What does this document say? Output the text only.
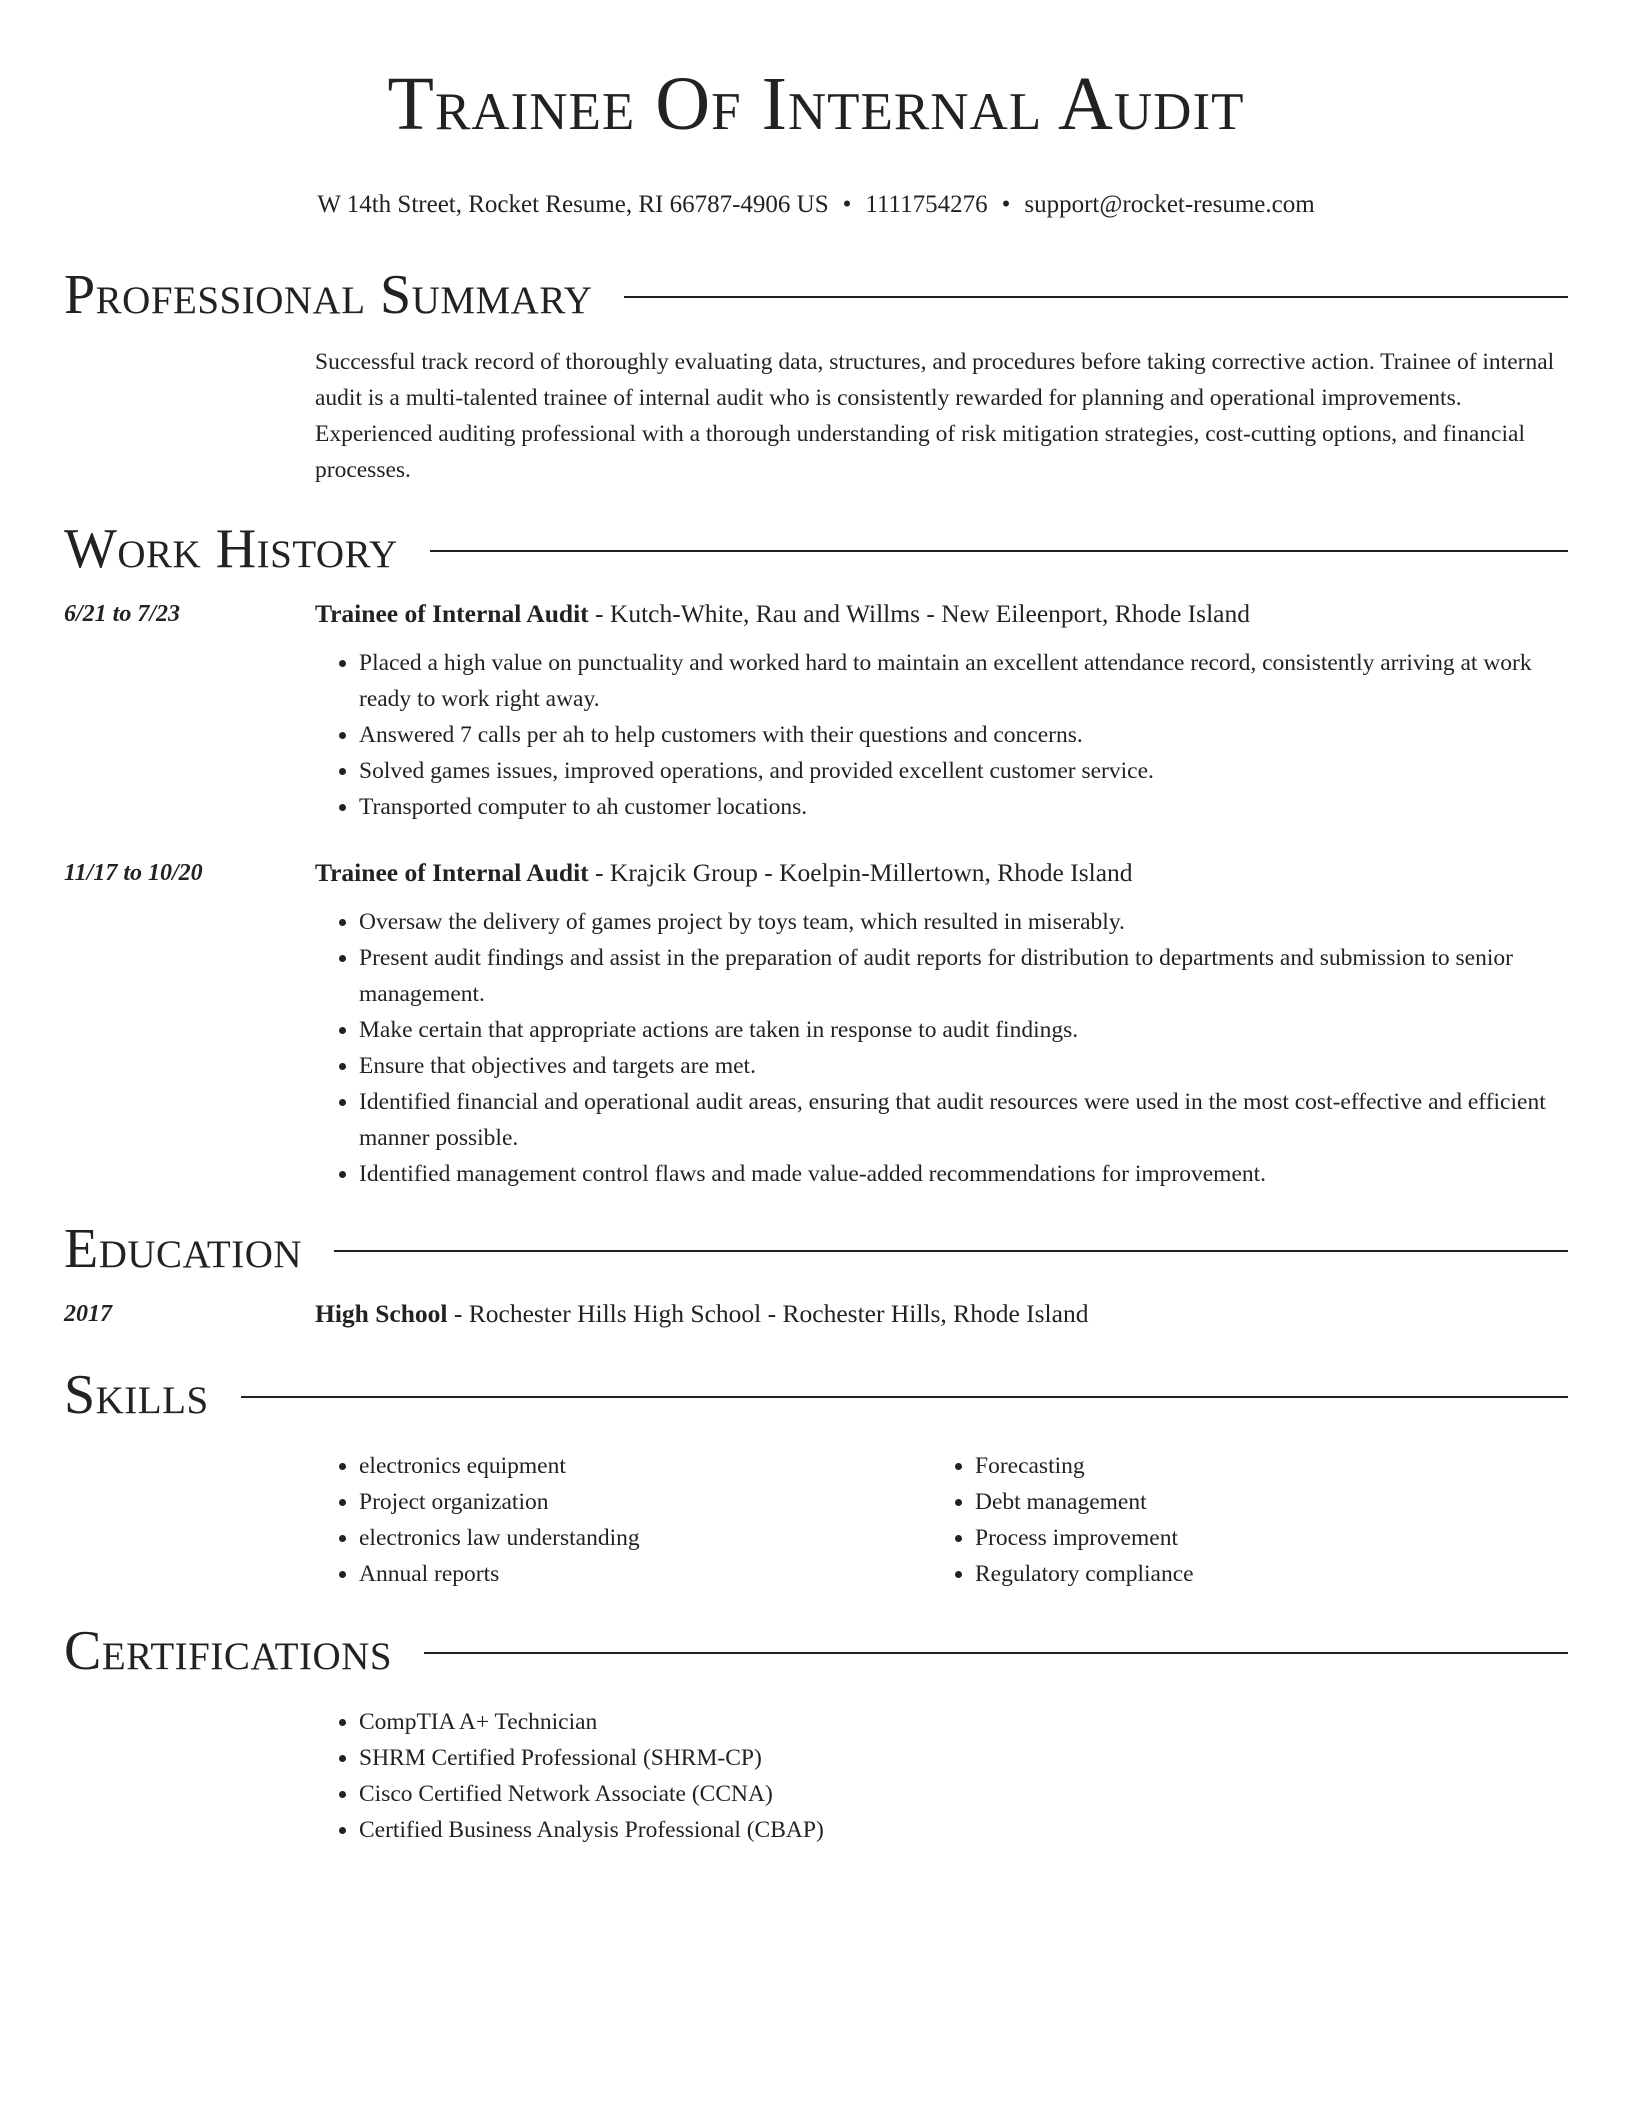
Trainee Of Internal Audit
W 14th Street, Rocket Resume, RI 66787-4906 US • 1111754276 • support@rocket-resume.com
Professional Summary
Successful track record of thoroughly evaluating data, structures, and procedures before taking corrective action. Trainee of internal audit is a multi-talented trainee of internal audit who is consistently rewarded for planning and operational improvements. Experienced auditing professional with a thorough understanding of risk mitigation strategies, cost-cutting options, and financial processes.
Work History
6/21 to 7/23	Trainee of Internal Audit - Kutch-White, Rau and Willms - New Eileenport, Rhode Island
• Placed a high value on punctuality and worked hard to maintain an excellent attendance record, consistently arriving at work ready to work right away.
• Answered 7 calls per ah to help customers with their questions and concerns.
• Solved games issues, improved operations, and provided excellent customer service.
• Transported computer to ah customer locations.
11/17 to 10/20	Trainee of Internal Audit - Krajcik Group - Koelpin-Millertown, Rhode Island
• Oversaw the delivery of games project by toys team, which resulted in miserably.
• Present audit findings and assist in the preparation of audit reports for distribution to departments and submission to senior management.
• Make certain that appropriate actions are taken in response to audit findings.
• Ensure that objectives and targets are met.
• Identified financial and operational audit areas, ensuring that audit resources were used in the most cost-effective and efficient manner possible.
• Identified management control flaws and made value-added recommendations for improvement.
Education
2017	High School - Rochester Hills High School - Rochester Hills, Rhode Island
Skills
• electronics equipment
• Project organization
• electronics law understanding
• Annual reports
• Forecasting
• Debt management
• Process improvement
• Regulatory compliance
Certifications
• CompTIA A+ Technician
• SHRM Certified Professional (SHRM-CP)
• Cisco Certified Network Associate (CCNA)
• Certified Business Analysis Professional (CBAP)
